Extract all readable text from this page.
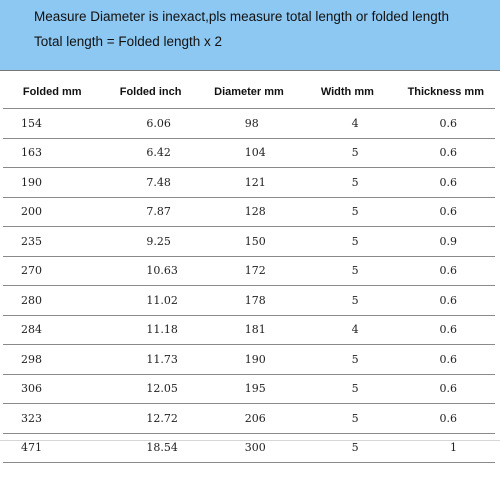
Measure Diameter is inexact,pls measure total length or folded length
Total length = Folded length x 2
Folded mm	Folded inch	Diameter mm	Width mm	Thickness mm
154	6.06	98	4	0.6
163	6.42	104	5	0.6
190	7.48	121	5	0.6
200	7.87	128	5	0.6
235	9.25	150	5	0.9
270	10.63	172	5	0.6
280	11.02	178	5	0.6
284	11.18	181	4	0.6
298	11.73	190	5	0.6
306	12.05	195	5	0.6
323	12.72	206	5	0.6
471	18.54	300	5	1
